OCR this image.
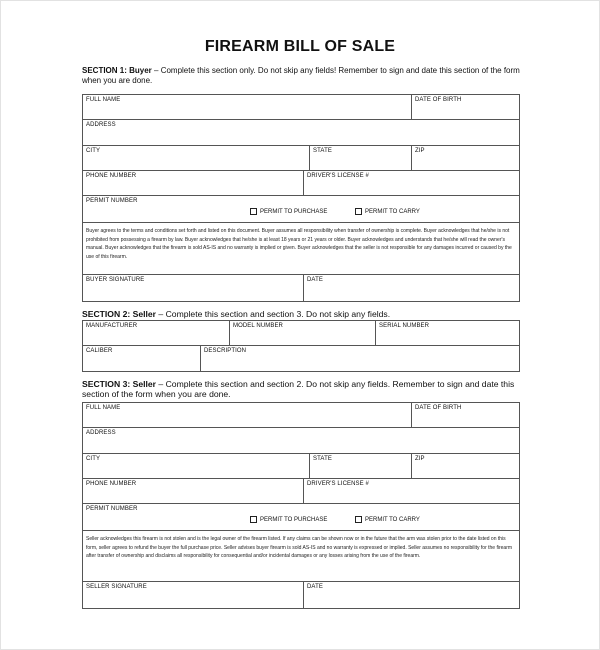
FIREARM BILL OF SALE
SECTION 1: Buyer – Complete this section only. Do not skip any fields! Remember to sign and date this section of the form when you are done.
FULL NAME	DATE OF BIRTH
ADDRESS
CITY	STATE	ZIP
PHONE NUMBER	DRIVER'S LICENSE #
PERMIT NUMBER
PERMIT TO PURCHASE	PERMIT TO CARRY
Buyer agrees to the terms and conditions set forth and listed on this document. Buyer assumes all responsibility when transfer of ownership is complete. Buyer acknowledges that he/she is not prohibited from possessing a firearm by law. Buyer acknowledges that he/she is at least 18 years or 21 years or older. Buyer acknowledges and understands that he/she will read the owner's manual. Buyer acknowledges that the firearm is sold AS-IS and no warranty is implied or given. Buyer acknowledges that the seller is not responsible for any damages incurred or caused by the use of this firearm.
BUYER SIGNATURE	DATE
SECTION 2: Seller – Complete this section and section 3. Do not skip any fields.
MANUFACTURER	MODEL NUMBER	SERIAL NUMBER
CALIBER	DESCRIPTION
SECTION 3: Seller – Complete this section and section 2. Do not skip any fields. Remember to sign and date this section of the form when you are done.
FULL NAME	DATE OF BIRTH
ADDRESS
CITY	STATE	ZIP
PHONE NUMBER	DRIVER'S LICENSE #
PERMIT NUMBER
PERMIT TO PURCHASE	PERMIT TO CARRY
Seller acknowledges this firearm is not stolen and is the legal owner of the firearm listed. If any claims can be shown now or in the future that the arm was stolen prior to the date listed on this form, seller agrees to refund the buyer the full purchase price. Seller advises buyer firearm is sold AS-IS and no warranty is expressed or implied. Seller assumes no responsibility for the firearm after transfer of ownership and disclaims all responsibility for consequential and/or incidental damages or any losses arising from the use of the firearm.
SELLER SIGNATURE	DATE
